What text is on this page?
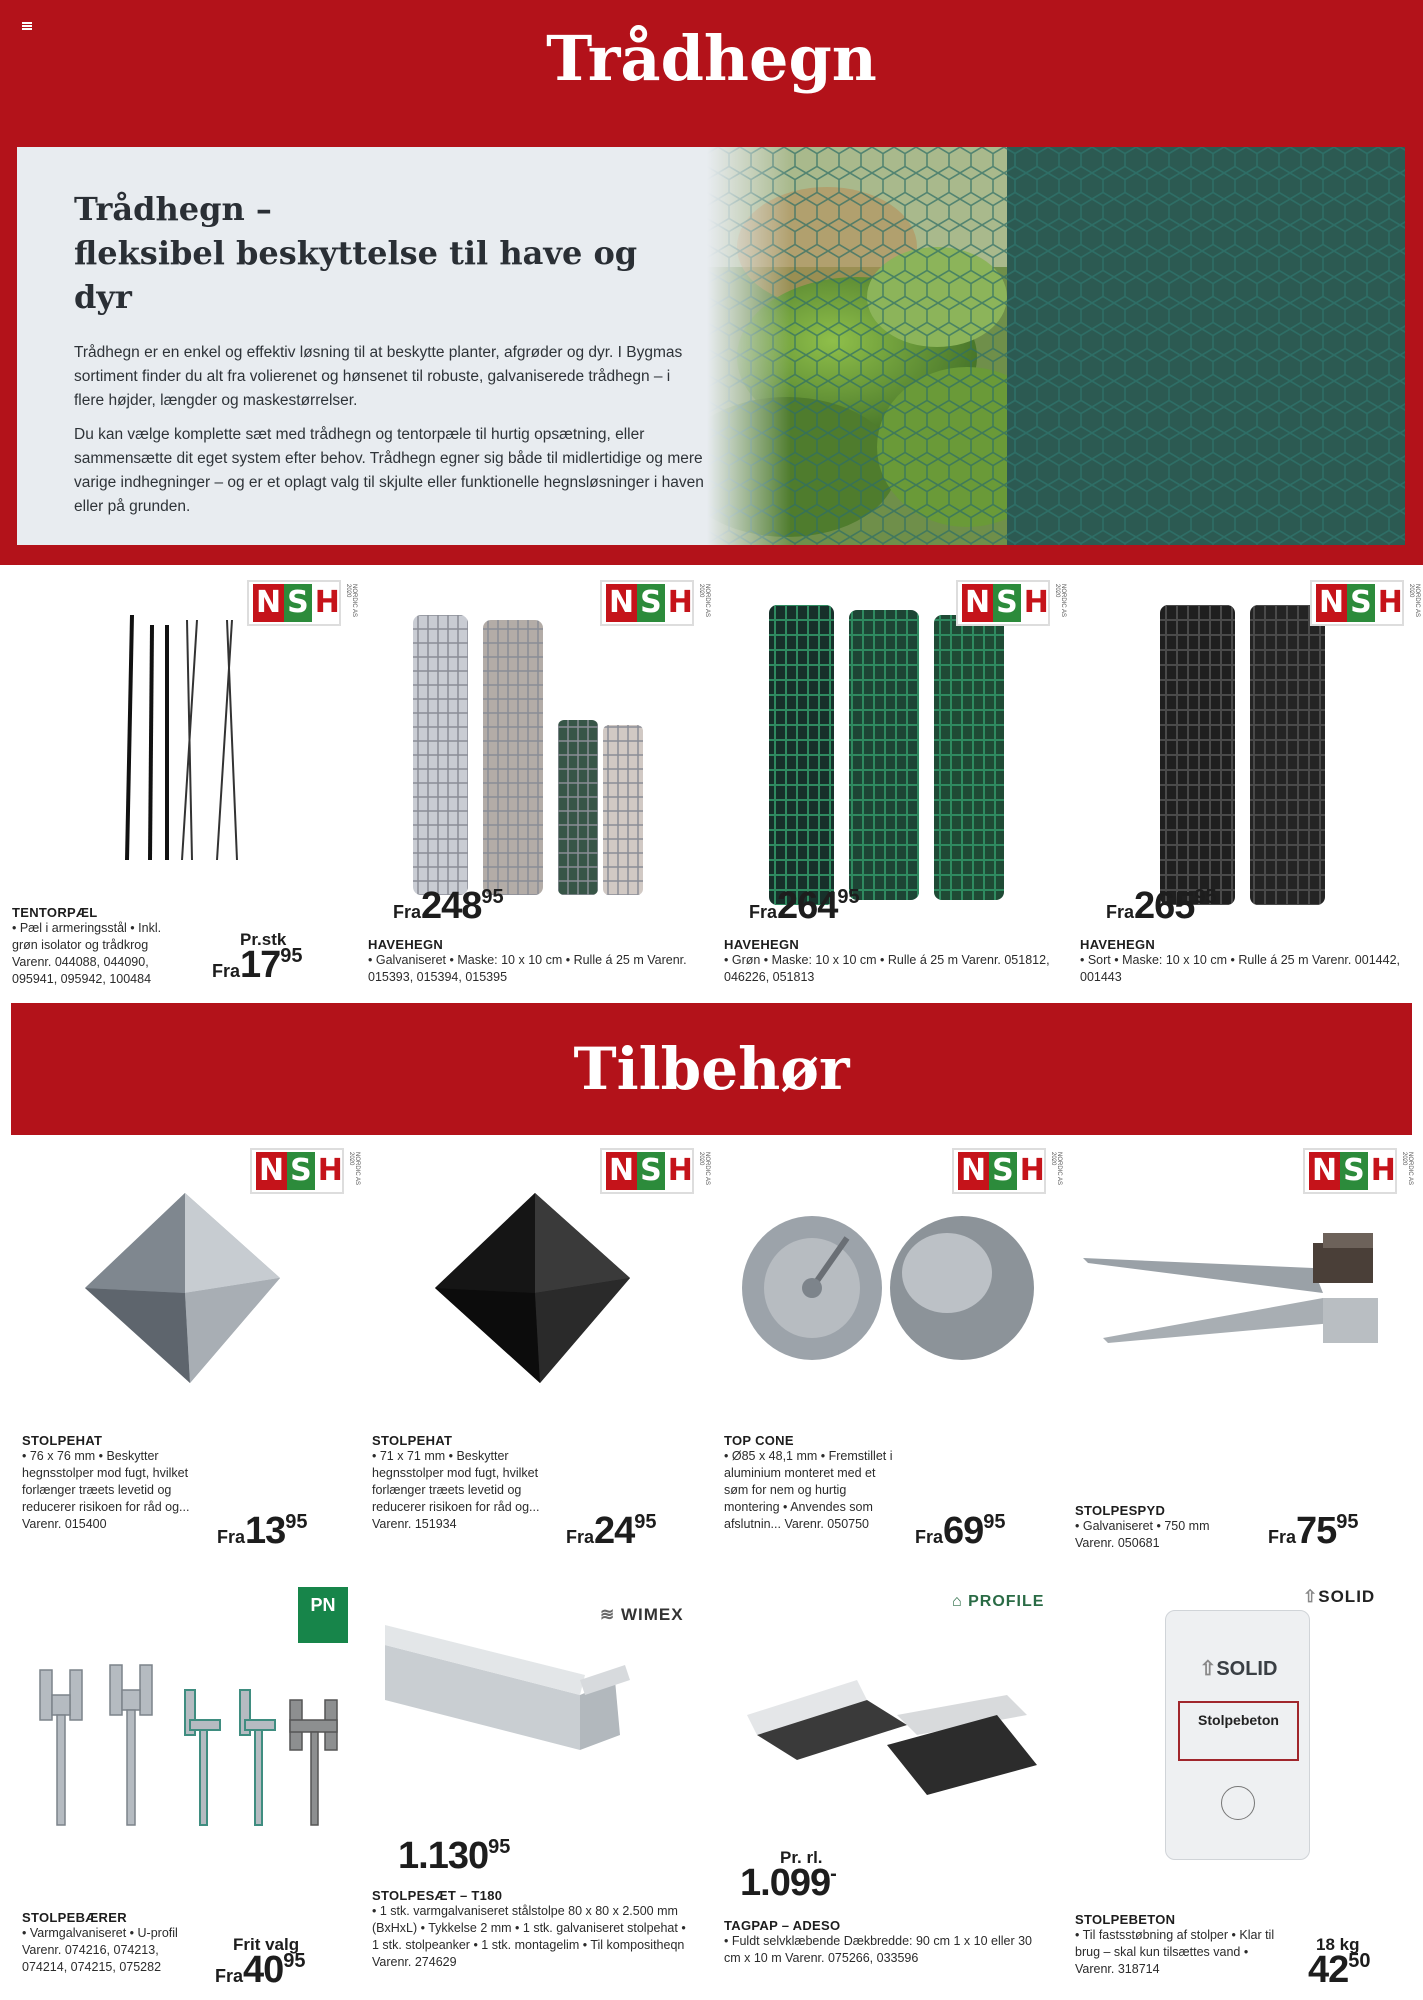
Trådhegn
Trådhegn –
fleksibel beskyttelse til have og dyr

Trådhegn er en enkel og effektiv løsning til at beskytte planter, afgrøder og dyr. I Bygmas sortiment finder du alt fra volierenet og hønsenet til robuste, galvaniserede trådhegn – i flere højder, længder og maskestørrelser.

Du kan vælge komplette sæt med trådhegn og tentorpæle til hurtig opsætning, eller sammensætte dit eget system efter behov. Trådhegn egner sig både til midlertidige og mere varige indhegninger – og er et oplagt valg til skjulte eller funktionelle hegnsløsninger i haven eller på grunden.

N S H	NORDIC AS 2020
TENTORPÆL
• Pæl i armeringsstål • Inkl. grøn isolator og trådkrog Varenr. 044088, 044090, 095941, 095942, 100484
Pr.stk
Fra1795
N S H	NORDIC AS 2020
Fra24895
HAVEHEGN
• Galvaniseret • Maske: 10 x 10 cm • Rulle á 25 m Varenr. 015393, 015394, 015395
N S H	NORDIC AS 2020
Fra26495
HAVEHEGN
• Grøn • Maske: 10 x 10 cm • Rulle á 25 m Varenr. 051812, 046226, 051813
N S H	NORDIC AS 2020
Fra26595
HAVEHEGN
• Sort • Maske: 10 x 10 cm • Rulle á 25 m Varenr. 001442, 001443
Tilbehør
N S H	NORDIC AS 2020
STOLPEHAT
• 76 x 76 mm • Beskytter hegnsstolper mod fugt, hvilket forlænger træets levetid og reducerer risikoen for råd og... Varenr. 015400
Fra1395
N S H	NORDIC AS 2020
STOLPEHAT
• 71 x 71 mm • Beskytter hegnsstolper mod fugt, hvilket forlænger træets levetid og reducerer risikoen for råd og... Varenr. 151934
Fra2495
N S H	NORDIC AS 2020
TOP CONE
• Ø85 x 48,1 mm • Fremstillet i aluminium monteret med et søm for nem og hurtig montering • Anvendes som afslutnin... Varenr. 050750
Fra6995
N S H	NORDIC AS 2020
STOLPESPYD
• Galvaniseret • 750 mm Varenr. 050681	Fra7595
PN
STOLPEBÆRER
• Varmgalvaniseret • U-profil Varenr. 074216, 074213, 074214, 074215, 075282
Frit valg
Fra4095
≋ WIMEX
1.13095
STOLPESÆT – T180
• 1 stk. varmgalvaniseret stålstolpe 80 x 80 x 2.500 mm (BxHxL) • Tykkelse 2 mm • 1 stk. galvaniseret stolpehat • 1 stk. stolpeanker • 1 stk. montagelim • Til kompositheqn Varenr. 274629
⌂ PROFILE
Pr. rl.
1.099-
TAGPAP – ADESO
• Fuldt selvklæbende Dækbredde: 90 cm 1 x 10 eller 30 cm x 10 m Varenr. 075266, 033596
⇧SOLID
⇧SOLID
Stolpebeton
STOLPEBETON
• Til fastsstøbning af stolper • Klar til brug – skal kun tilsættes vand • Varenr. 318714
18 kg
4250
